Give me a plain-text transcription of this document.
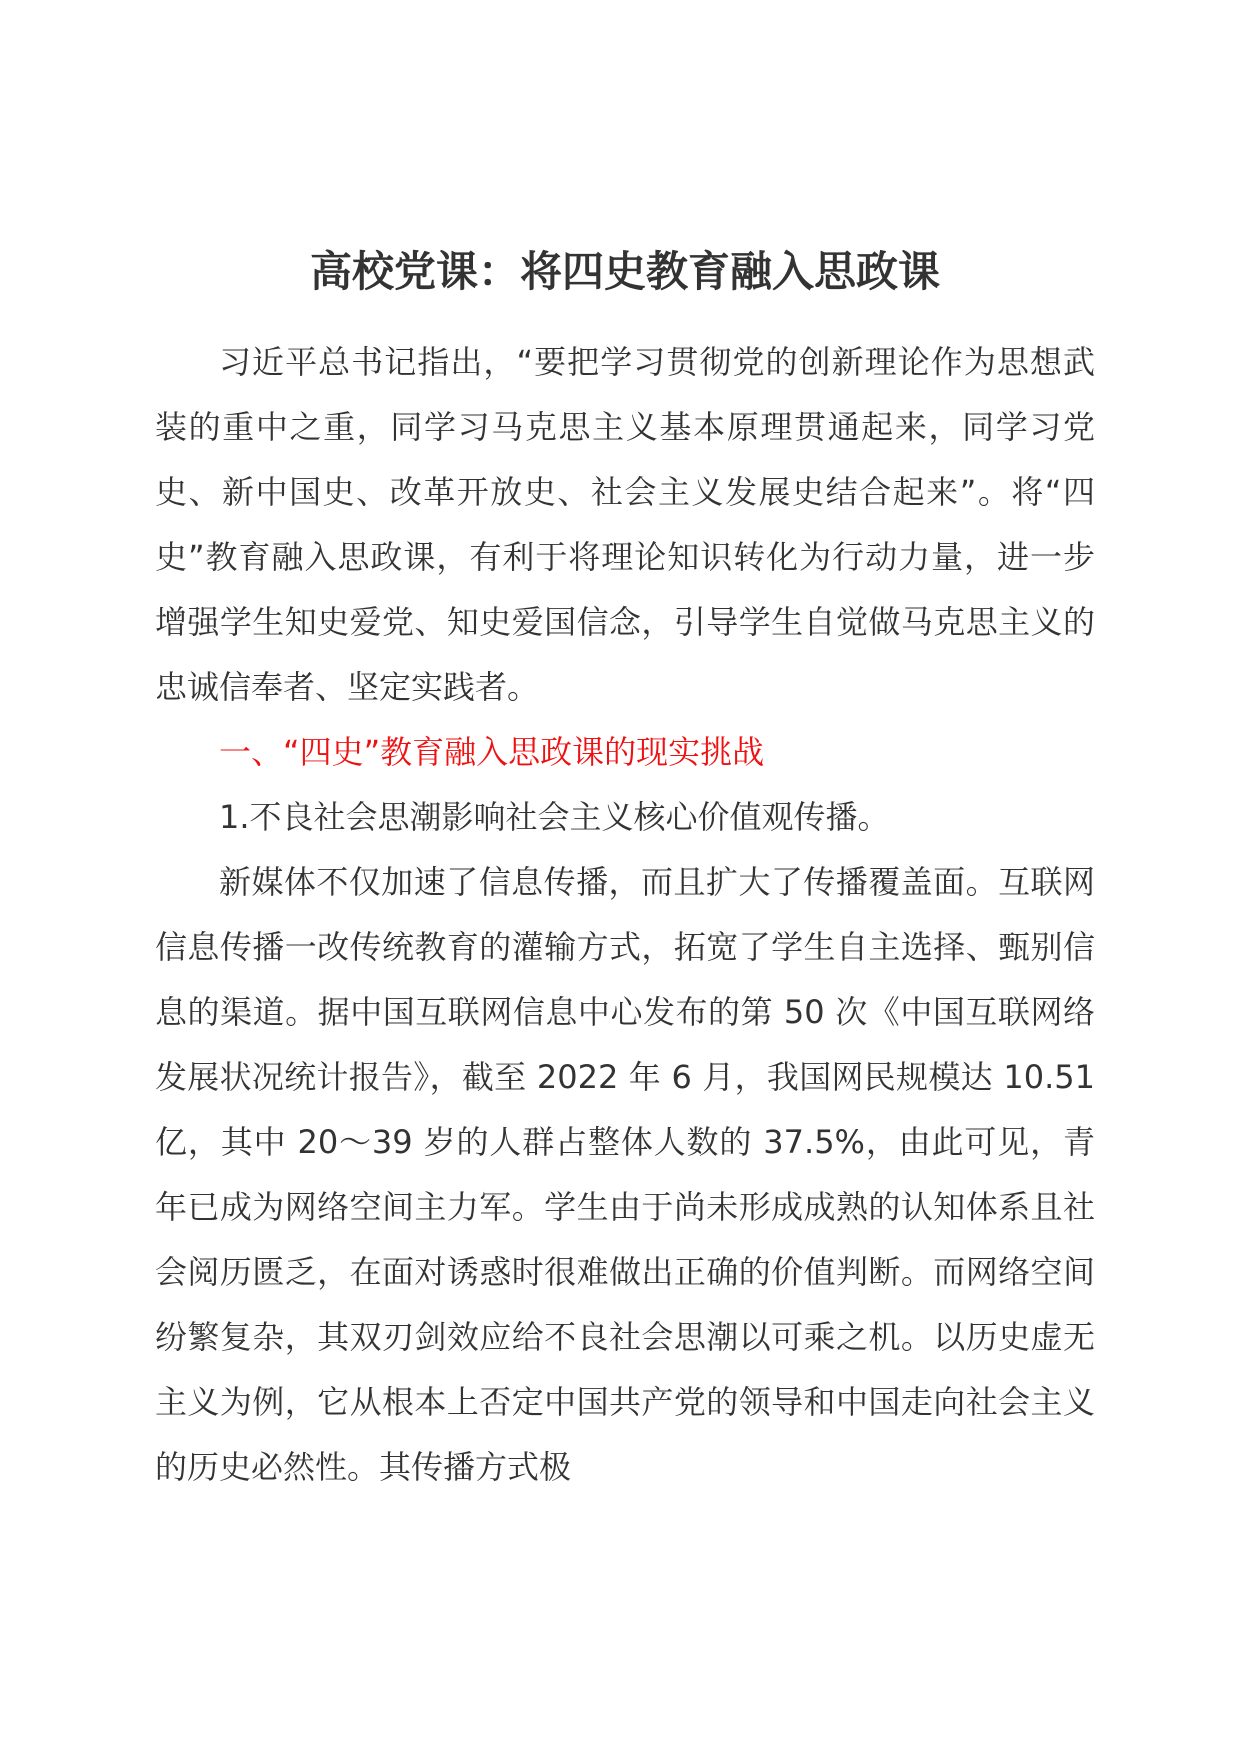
高校党课：将四史教育融入思政课

习近平总书记指出，“要把学习贯彻党的创新理论作为思想武装的重中之重，同学习马克思主义基本原理贯通起来，同学习党史、新中国史、改革开放史、社会主义发展史结合起来”。将“四史”教育融入思政课，有利于将理论知识转化为行动力量，进一步增强学生知史爱党、知史爱国信念，引导学生自觉做马克思主义的忠诚信奉者、坚定实践者。

一、“四史”教育融入思政课的现实挑战

1.不良社会思潮影响社会主义核心价值观传播。

新媒体不仅加速了信息传播，而且扩大了传播覆盖面。互联网信息传播一改传统教育的灌输方式，拓宽了学生自主选择、甄别信息的渠道。据中国互联网信息中心发布的第 50 次《中国互联网络发展状况统计报告》，截至 2022 年 6 月，我国网民规模达 10.51 亿，其中 20～39 岁的人群占整体人数的 37.5%，由此可见，青年已成为网络空间主力军。学生由于尚未形成成熟的认知体系且社会阅历匮乏，在面对诱惑时很难做出正确的价值判断。而网络空间纷繁复杂，其双刃剑效应给不良社会思潮以可乘之机。以历史虚无主义为例，它从根本上否定中国共产党的领导和中国走向社会主义的历史必然性。其传播方式极
